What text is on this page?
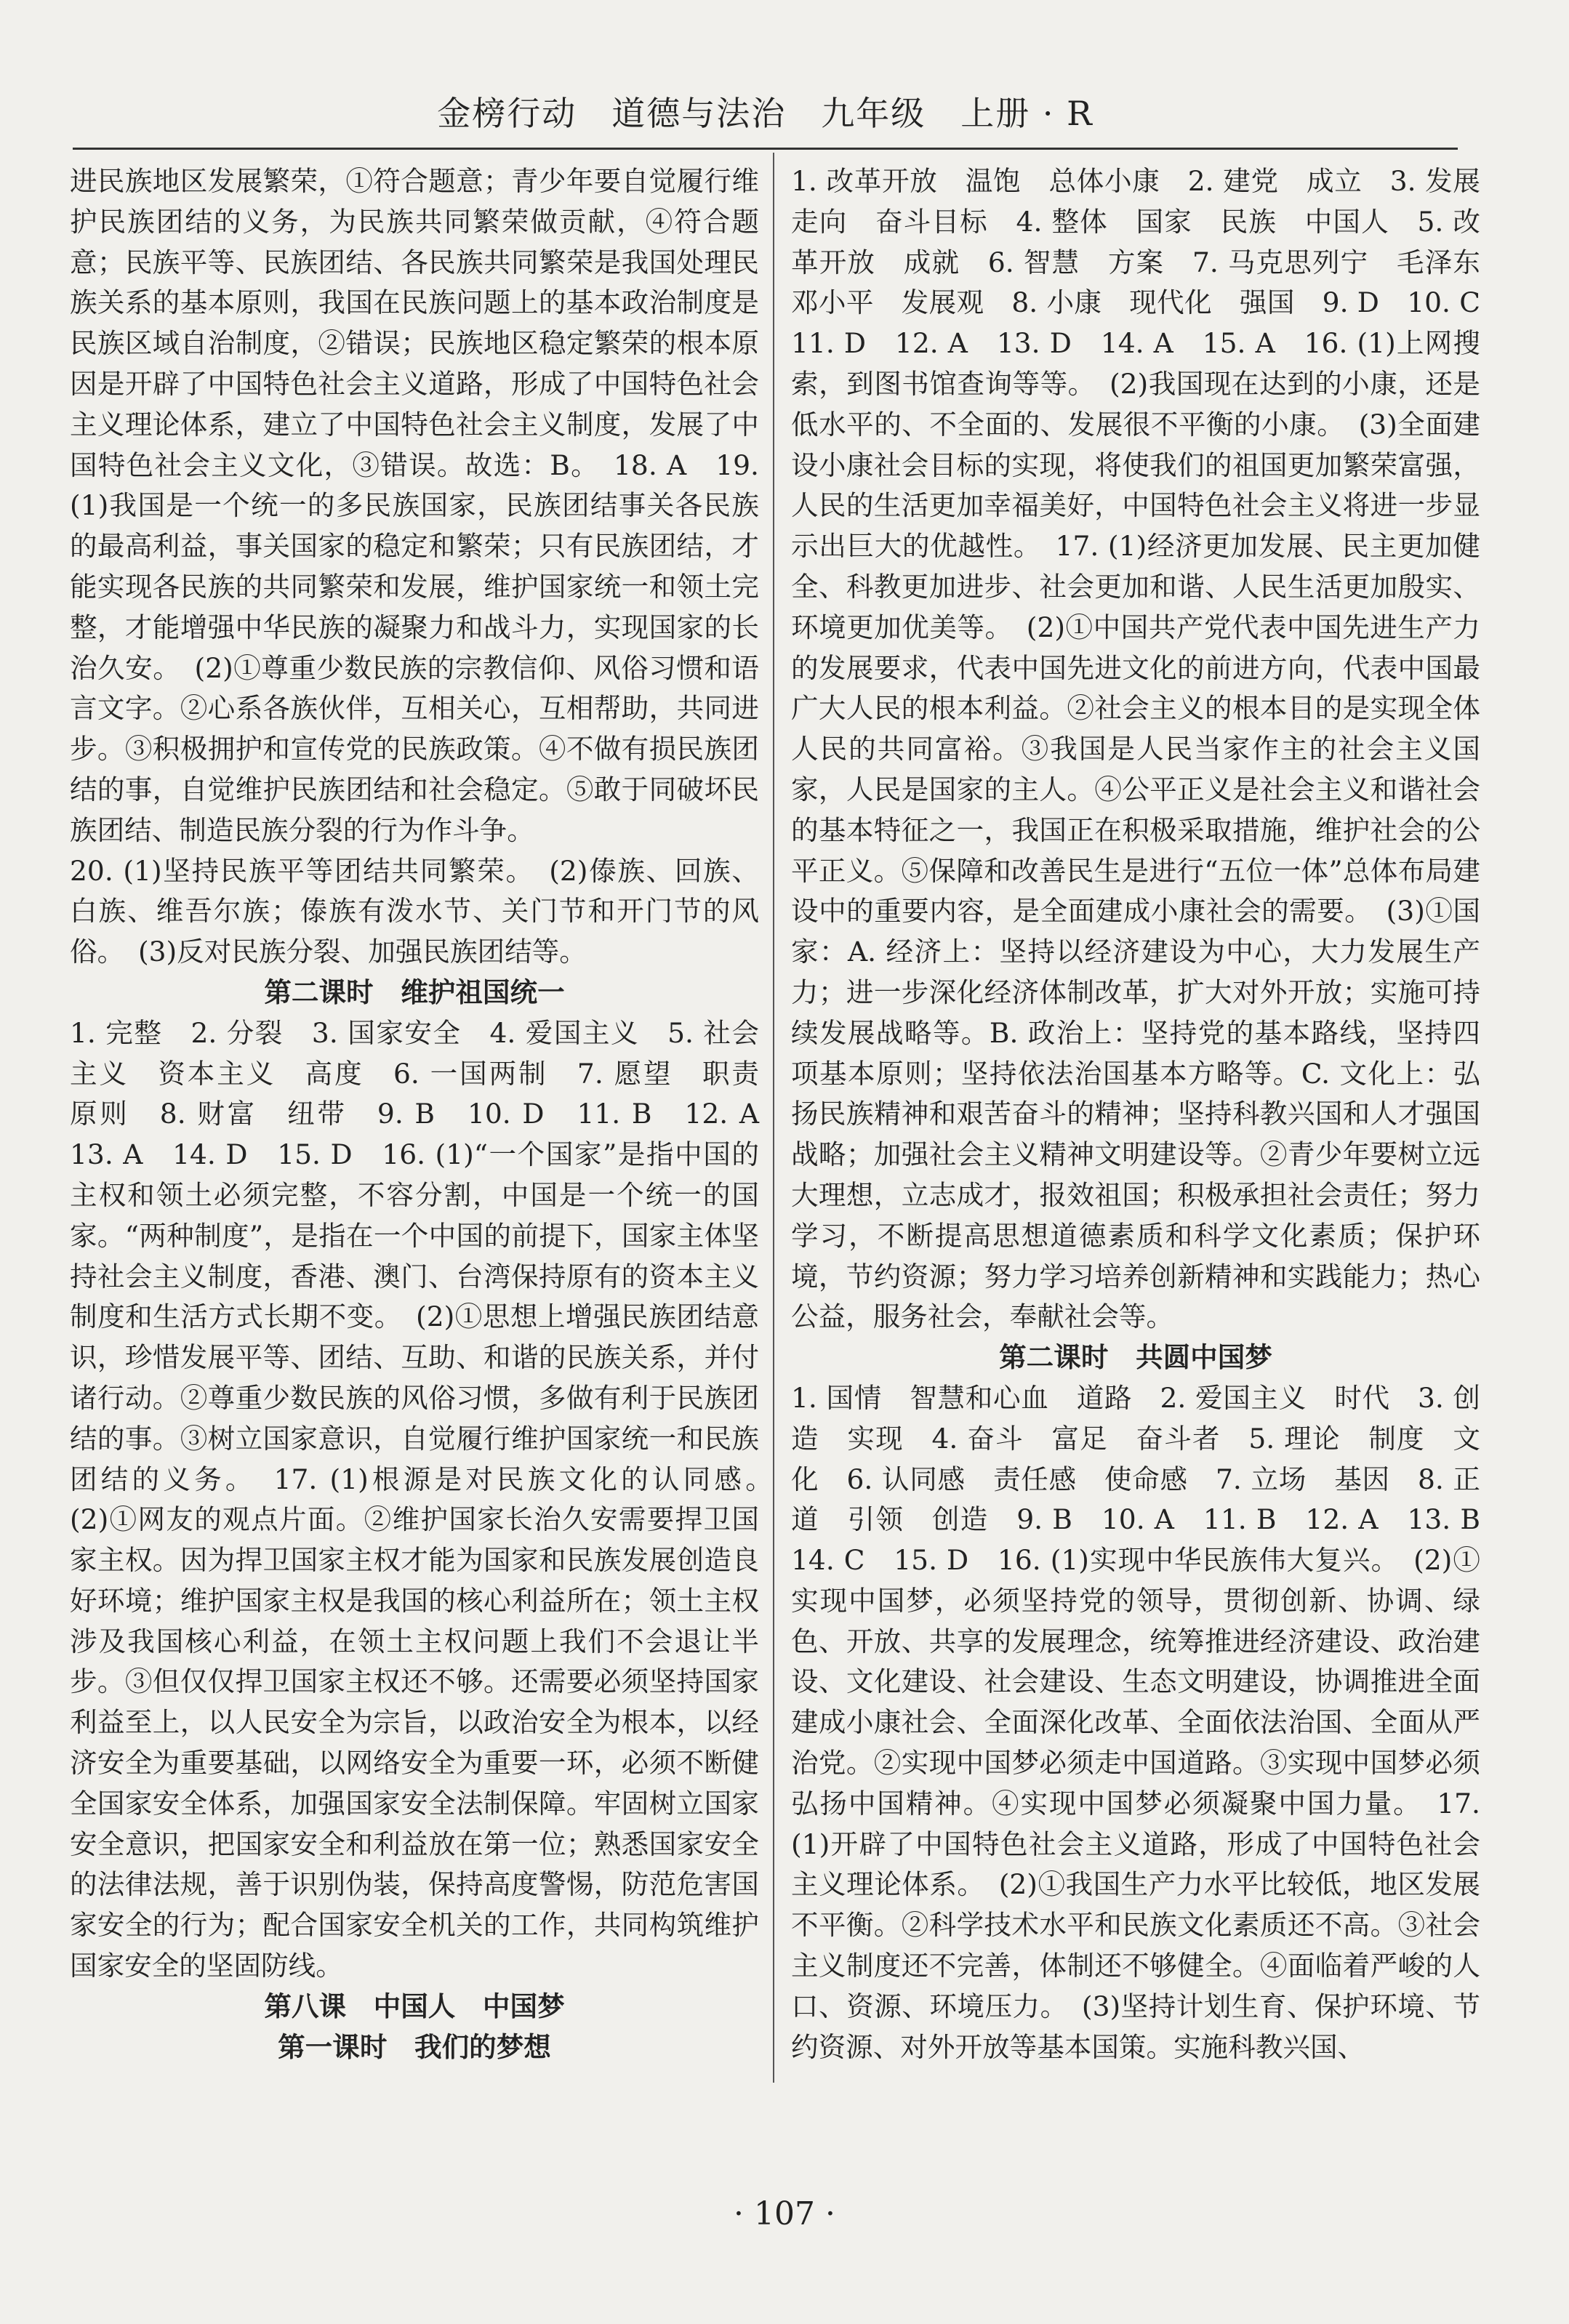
金榜行动　道德与法治　九年级　上册 · R

进民族地区发展繁荣，①符合题意；青少年要自觉履行维护民族团结的义务，为民族共同繁荣做贡献，④符合题意；民族平等、民族团结、各民族共同繁荣是我国处理民族关系的基本原则，我国在民族问题上的基本政治制度是民族区域自治制度，②错误；民族地区稳定繁荣的根本原因是开辟了中国特色社会主义道路，形成了中国特色社会主义理论体系，建立了中国特色社会主义制度，发展了中国特色社会主义文化，③错误。故选：B。　18. A　19. (1)我国是一个统一的多民族国家，民族团结事关各民族的最高利益，事关国家的稳定和繁荣；只有民族团结，才能实现各民族的共同繁荣和发展，维护国家统一和领土完整，才能增强中华民族的凝聚力和战斗力，实现国家的长治久安。　(2)①尊重少数民族的宗教信仰、风俗习惯和语言文字。②心系各族伙伴，互相关心，互相帮助，共同进步。③积极拥护和宣传党的民族政策。④不做有损民族团结的事，自觉维护民族团结和社会稳定。⑤敢于同破坏民族团结、制造民族分裂的行为作斗争。

20. (1)坚持民族平等团结共同繁荣。　(2)傣族、回族、白族、维吾尔族；傣族有泼水节、关门节和开门节的风俗。　(3)反对民族分裂、加强民族团结等。

第二课时　维护祖国统一

1. 完整　2. 分裂　3. 国家安全　4. 爱国主义　5. 社会主义　资本主义　高度　6. 一国两制　7. 愿望　职责　原则　8. 财富　纽带　9. B　10. D　11. B　12. A　13. A　14. D　15. D　16. (1)“一个国家”是指中国的主权和领土必须完整，不容分割，中国是一个统一的国家。“两种制度”，是指在一个中国的前提下，国家主体坚持社会主义制度，香港、澳门、台湾保持原有的资本主义制度和生活方式长期不变。　(2)①思想上增强民族团结意识，珍惜发展平等、团结、互助、和谐的民族关系，并付诸行动。②尊重少数民族的风俗习惯，多做有利于民族团结的事。③树立国家意识，自觉履行维护国家统一和民族团结的义务。　17. (1)根源是对民族文化的认同感。　(2)①网友的观点片面。②维护国家长治久安需要捍卫国家主权。因为捍卫国家主权才能为国家和民族发展创造良好环境；维护国家主权是我国的核心利益所在；领土主权涉及我国核心利益，在领土主权问题上我们不会退让半步。③但仅仅捍卫国家主权还不够。还需要必须坚持国家利益至上，以人民安全为宗旨，以政治安全为根本，以经济安全为重要基础，以网络安全为重要一环，必须不断健全国家安全体系，加强国家安全法制保障。牢固树立国家安全意识，把国家安全和利益放在第一位；熟悉国家安全的法律法规，善于识别伪装，保持高度警惕，防范危害国家安全的行为；配合国家安全机关的工作，共同构筑维护国家安全的坚固防线。

第八课　中国人　中国梦

第一课时　我们的梦想

1. 改革开放　温饱　总体小康　2. 建党　成立　3. 发展走向　奋斗目标　4. 整体　国家　民族　中国人　5. 改革开放　成就　6. 智慧　方案　7. 马克思列宁　毛泽东　邓小平　发展观　8. 小康　现代化　强国　9. D　10. C　11. D　12. A　13. D　14. A　15. A　16. (1)上网搜索，到图书馆查询等等。　(2)我国现在达到的小康，还是低水平的、不全面的、发展很不平衡的小康。　(3)全面建设小康社会目标的实现，将使我们的祖国更加繁荣富强，人民的生活更加幸福美好，中国特色社会主义将进一步显示出巨大的优越性。　17. (1)经济更加发展、民主更加健全、科教更加进步、社会更加和谐、人民生活更加殷实、环境更加优美等。　(2)①中国共产党代表中国先进生产力的发展要求，代表中国先进文化的前进方向，代表中国最广大人民的根本利益。②社会主义的根本目的是实现全体人民的共同富裕。③我国是人民当家作主的社会主义国家，人民是国家的主人。④公平正义是社会主义和谐社会的基本特征之一，我国正在积极采取措施，维护社会的公平正义。⑤保障和改善民生是进行“五位一体”总体布局建设中的重要内容，是全面建成小康社会的需要。　(3)①国家：A. 经济上：坚持以经济建设为中心，大力发展生产力；进一步深化经济体制改革，扩大对外开放；实施可持续发展战略等。B. 政治上：坚持党的基本路线，坚持四项基本原则；坚持依法治国基本方略等。C. 文化上：弘扬民族精神和艰苦奋斗的精神；坚持科教兴国和人才强国战略；加强社会主义精神文明建设等。②青少年要树立远大理想，立志成才，报效祖国；积极承担社会责任；努力学习，不断提高思想道德素质和科学文化素质；保护环境，节约资源；努力学习培养创新精神和实践能力；热心公益，服务社会，奉献社会等。

第二课时　共圆中国梦

1. 国情　智慧和心血　道路　2. 爱国主义　时代　3. 创造　实现　4. 奋斗　富足　奋斗者　5. 理论　制度　文化　6. 认同感　责任感　使命感　7. 立场　基因　8. 正道　引领　创造　9. B　10. A　11. B　12. A　13. B　14. C　15. D　16. (1)实现中华民族伟大复兴。　(2)①实现中国梦，必须坚持党的领导，贯彻创新、协调、绿色、开放、共享的发展理念，统筹推进经济建设、政治建设、文化建设、社会建设、生态文明建设，协调推进全面建成小康社会、全面深化改革、全面依法治国、全面从严治党。②实现中国梦必须走中国道路。③实现中国梦必须弘扬中国精神。④实现中国梦必须凝聚中国力量。　17. (1)开辟了中国特色社会主义道路，形成了中国特色社会主义理论体系。　(2)①我国生产力水平比较低，地区发展不平衡。②科学技术水平和民族文化素质还不高。③社会主义制度还不完善，体制还不够健全。④面临着严峻的人口、资源、环境压力。　(3)坚持计划生育、保护环境、节约资源、对外开放等基本国策。实施科教兴国、

· 107 ·
